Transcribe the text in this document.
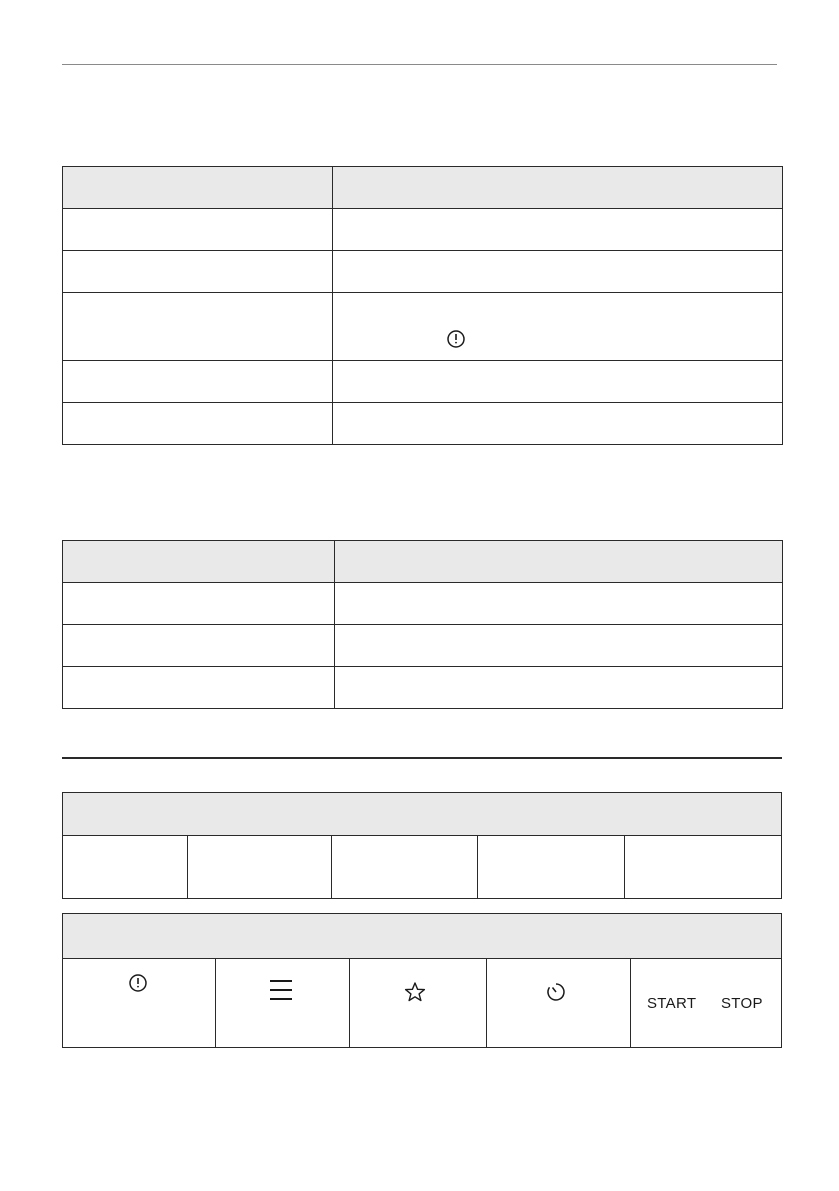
START STOP
